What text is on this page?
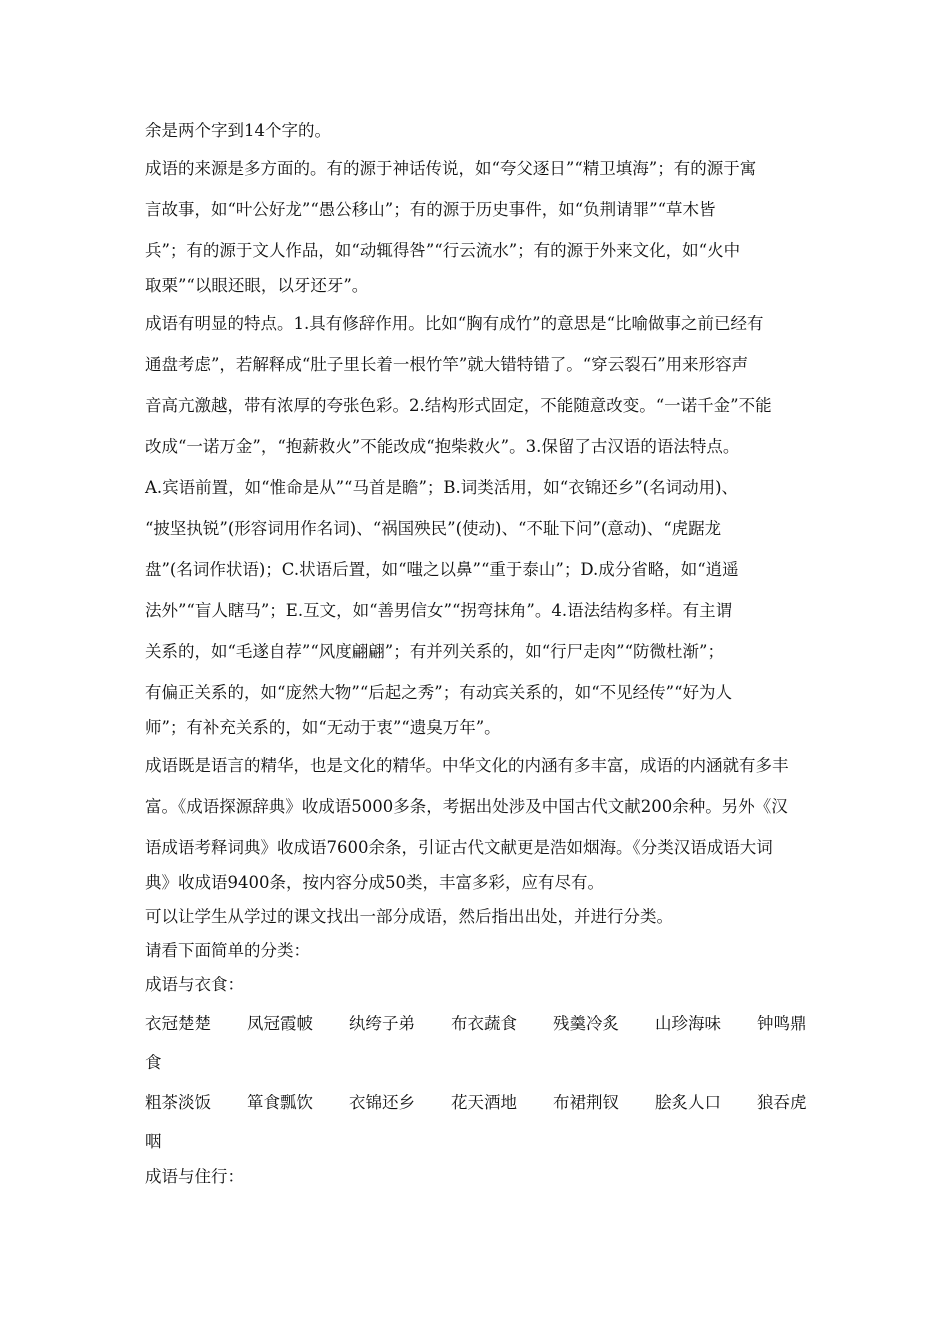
余是两个字到14个字的。
成语的来源是多方面的。有的源于神话传说，如“夸父逐日”“精卫填海”；有的源于寓
言故事，如“叶公好龙”“愚公移山”；有的源于历史事件，如“负荆请罪”“草木皆
兵”；有的源于文人作品，如“动辄得咎”“行云流水”；有的源于外来文化，如“火中
取栗”“以眼还眼，以牙还牙”。
成语有明显的特点。1.具有修辞作用。比如“胸有成竹”的意思是“比喻做事之前已经有
通盘考虑”，若解释成“肚子里长着一根竹竿”就大错特错了。“穿云裂石”用来形容声
音高亢激越，带有浓厚的夸张色彩。2.结构形式固定，不能随意改变。“一诺千金”不能
改成“一诺万金”，“抱薪救火”不能改成“抱柴救火”。3.保留了古汉语的语法特点。
A.宾语前置，如“惟命是从”“马首是瞻”；B.词类活用，如“衣锦还乡”(名词动用)、
“披坚执锐”(形容词用作名词)、“祸国殃民”(使动)、“不耻下问”(意动)、“虎踞龙
盘”(名词作状语)；C.状语后置，如“嗤之以鼻”“重于泰山”；D.成分省略，如“逍遥
法外”“盲人瞎马”；E.互文，如“善男信女”“拐弯抹角”。4.语法结构多样。有主谓
关系的，如“毛遂自荐”“风度翩翩”；有并列关系的，如“行尸走肉”“防微杜渐”；
有偏正关系的，如“庞然大物”“后起之秀”；有动宾关系的，如“不见经传”“好为人
师”；有补充关系的，如“无动于衷”“遗臭万年”。
成语既是语言的精华，也是文化的精华。中华文化的内涵有多丰富，成语的内涵就有多丰
富。《成语探源辞典》收成语5000多条，考据出处涉及中国古代文献200余种。另外《汉
语成语考释词典》收成语7600余条，引证古代文献更是浩如烟海。《分类汉语成语大词
典》收成语9400条，按内容分成50类，丰富多彩，应有尽有。
可以让学生从学过的课文找出一部分成语，然后指出出处，并进行分类。
请看下面简单的分类：
成语与衣食：
衣冠楚楚	凤冠霞帔	纨绔子弟	布衣蔬食	残羹冷炙	山珍海味	钟鸣鼎
食
粗茶淡饭	箪食瓢饮	衣锦还乡	花天酒地	布裙荆钗	脍炙人口	狼吞虎
咽
成语与住行：
